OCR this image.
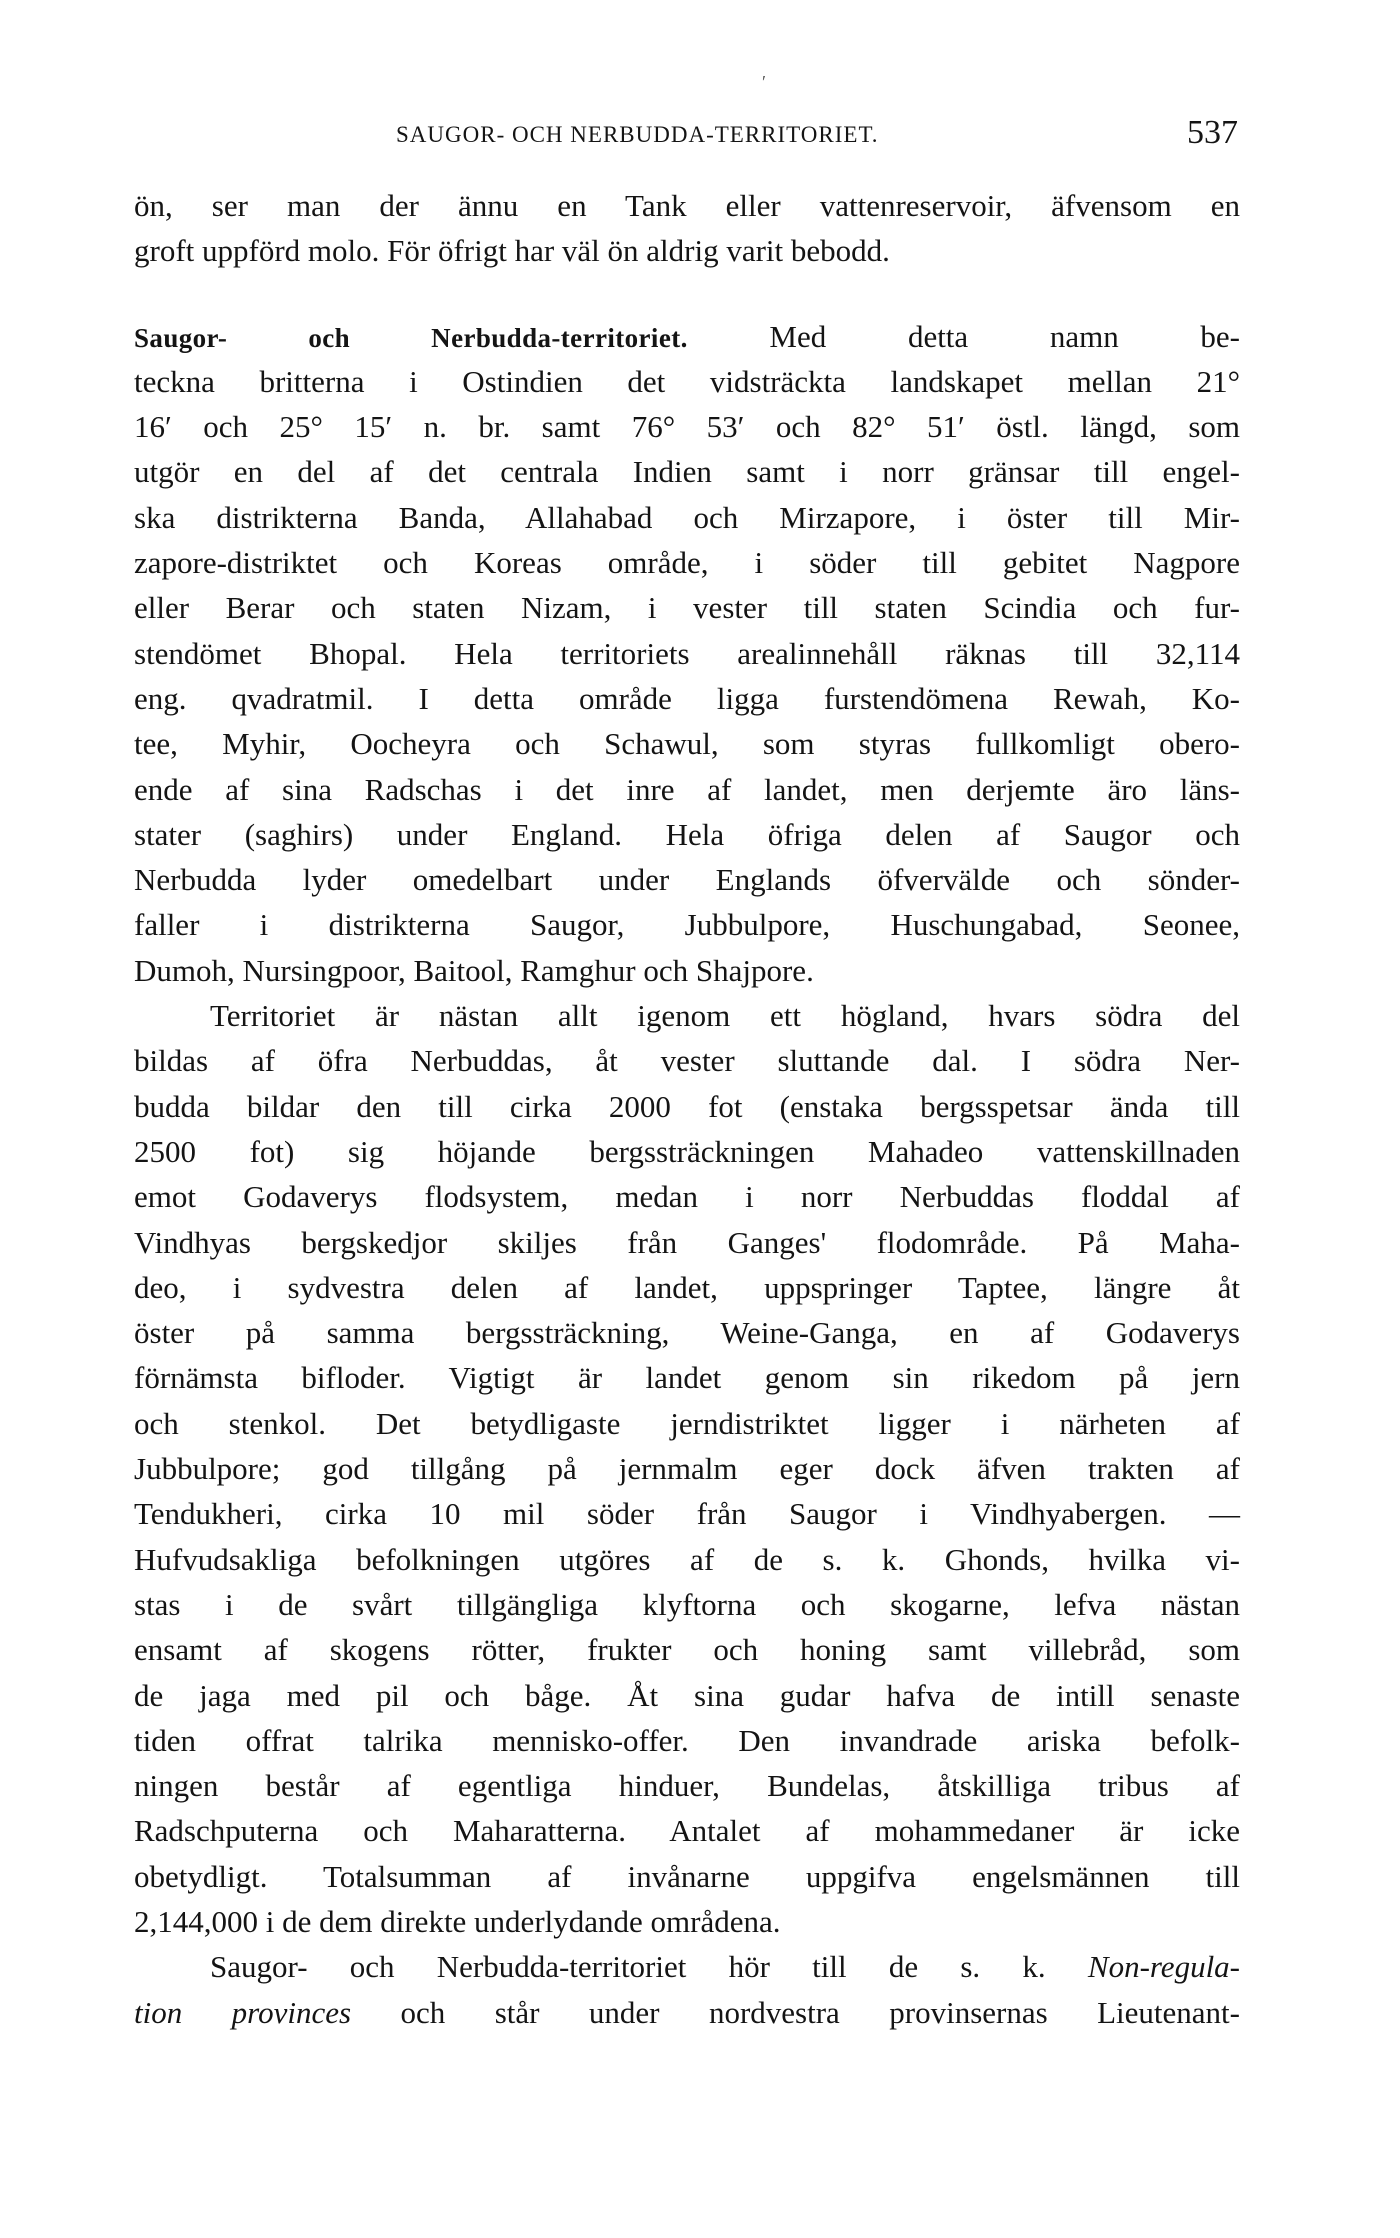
′
SAUGOR- OCH NERBUDDA-TERRITORIET.	537
ön, ser man der ännu en Tank eller vattenreservoir, äfvensom en
groft uppförd molo. För öfrigt har väl ön aldrig varit bebodd.
Saugor- och Nerbudda-territoriet. Med detta namn be-
teckna britterna i Ostindien det vidsträckta landskapet mellan 21°
16′ och 25° 15′ n. br. samt 76° 53′ och 82° 51′ östl. längd, som
utgör en del af det centrala Indien samt i norr gränsar till engel-
ska distrikterna Banda, Allahabad och Mirzapore, i öster till Mir-
zapore-distriktet och Koreas område, i söder till gebitet Nagpore
eller Berar och staten Nizam, i vester till staten Scindia och fur-
stendömet Bhopal. Hela territoriets arealinnehåll räknas till 32,114
eng. qvadratmil. I detta område ligga furstendömena Rewah, Ko-
tee, Myhir, Oocheyra och Schawul, som styras fullkomligt obero-
ende af sina Radschas i det inre af landet, men derjemte äro läns-
stater (saghirs) under England. Hela öfriga delen af Saugor och
Nerbudda lyder omedelbart under Englands öfvervälde och sönder-
faller i distrikterna Saugor, Jubbulpore, Huschungabad, Seonee,
Dumoh, Nursingpoor, Baitool, Ramghur och Shajpore.
Territoriet är nästan allt igenom ett högland, hvars södra del
bildas af öfra Nerbuddas, åt vester sluttande dal. I södra Ner-
budda bildar den till cirka 2000 fot (enstaka bergsspetsar ända till
2500 fot) sig höjande bergssträckningen Mahadeo vattenskillnaden
emot Godaverys flodsystem, medan i norr Nerbuddas floddal af
Vindhyas bergskedjor skiljes från Ganges' flodområde. På Maha-
deo, i sydvestra delen af landet, uppspringer Taptee, längre åt
öster på samma bergssträckning, Weine-Ganga, en af Godaverys
förnämsta bifloder. Vigtigt är landet genom sin rikedom på jern
och stenkol. Det betydligaste jerndistriktet ligger i närheten af
Jubbulpore; god tillgång på jernmalm eger dock äfven trakten af
Tendukheri, cirka 10 mil söder från Saugor i Vindhyabergen. —
Hufvudsakliga befolkningen utgöres af de s. k. Ghonds, hvilka vi-
stas i de svårt tillgängliga klyftorna och skogarne, lefva nästan
ensamt af skogens rötter, frukter och honing samt villebråd, som
de jaga med pil och båge. Åt sina gudar hafva de intill senaste
tiden offrat talrika mennisko-offer. Den invandrade ariska befolk-
ningen består af egentliga hinduer, Bundelas, åtskilliga tribus af
Radschputerna och Maharatterna. Antalet af mohammedaner är icke
obetydligt. Totalsumman af invånarne uppgifva engelsmännen till
2,144,000 i de dem direkte underlydande områdena.
Saugor- och Nerbudda-territoriet hör till de s. k. Non-regula-
tion provinces och står under nordvestra provinsernas Lieutenant-
